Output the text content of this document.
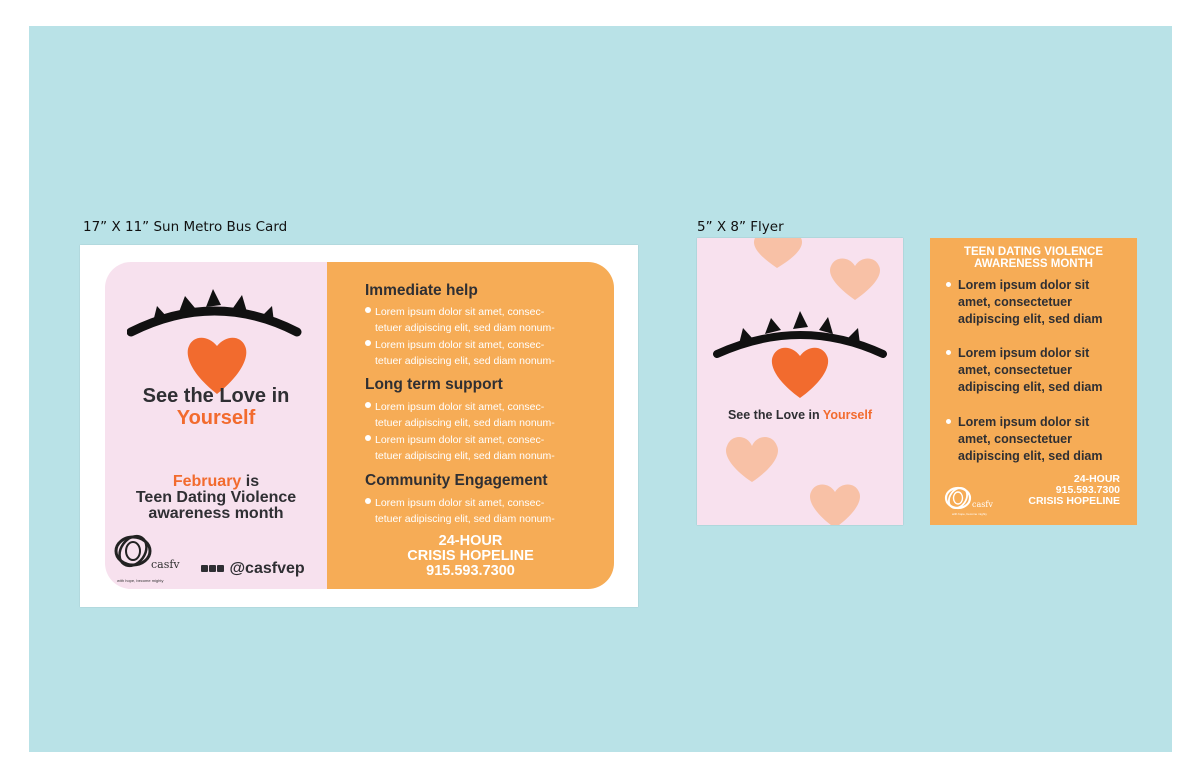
17” X 11” Sun Metro Bus Card	5” X 8” Flyer
See the Love in
Yourself
February is
Teen Dating Violence
awareness month
casfv
with hope, become mighty
@casfvep
Immediate help
Lorem ipsum dolor sit amet, consec-
tetuer adipiscing elit, sed diam nonum-
Lorem ipsum dolor sit amet, consec-
tetuer adipiscing elit, sed diam nonum-
Long term support
Lorem ipsum dolor sit amet, consec-
tetuer adipiscing elit, sed diam nonum-
Lorem ipsum dolor sit amet, consec-
tetuer adipiscing elit, sed diam nonum-
Community Engagement
Lorem ipsum dolor sit amet, consec-
tetuer adipiscing elit, sed diam nonum-
24-HOUR
CRISIS HOPELINE
915.593.7300
See the Love in Yourself
TEEN DATING VIOLENCE
AWARENESS MONTH
Lorem ipsum dolor sit
amet, consectetuer
adipiscing elit, sed diam
Lorem ipsum dolor sit
amet, consectetuer
adipiscing elit, sed diam
Lorem ipsum dolor sit
amet, consectetuer
adipiscing elit, sed diam
casfv
with hope, become mighty
24-HOUR
915.593.7300
CRISIS HOPELINE
